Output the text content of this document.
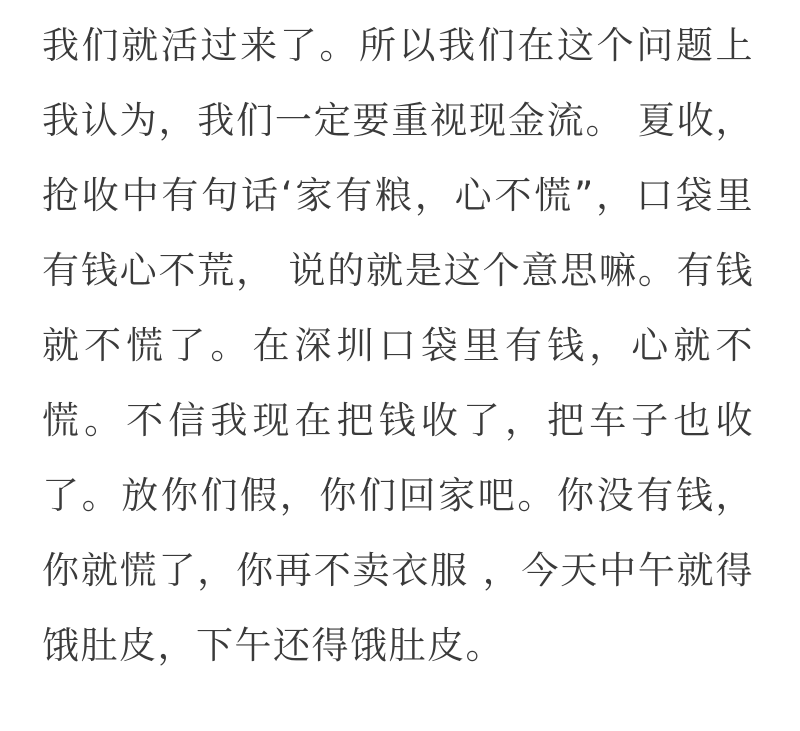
我们就活过来了。所以我们在这个问题上我认为，我们一定要重视现金流。 夏收，抢收中有句话‘家有粮，心不慌”，口袋里有钱心不荒， 说的就是这个意思嘛。有钱就不慌了。在深圳口袋里有钱，心就不慌。不信我现在把钱收了，把车子也收了。放你们假，你们回家吧。你没有钱，你就慌了，你再不卖衣服 ，今天中午就得饿肚皮，下午还得饿肚皮。
